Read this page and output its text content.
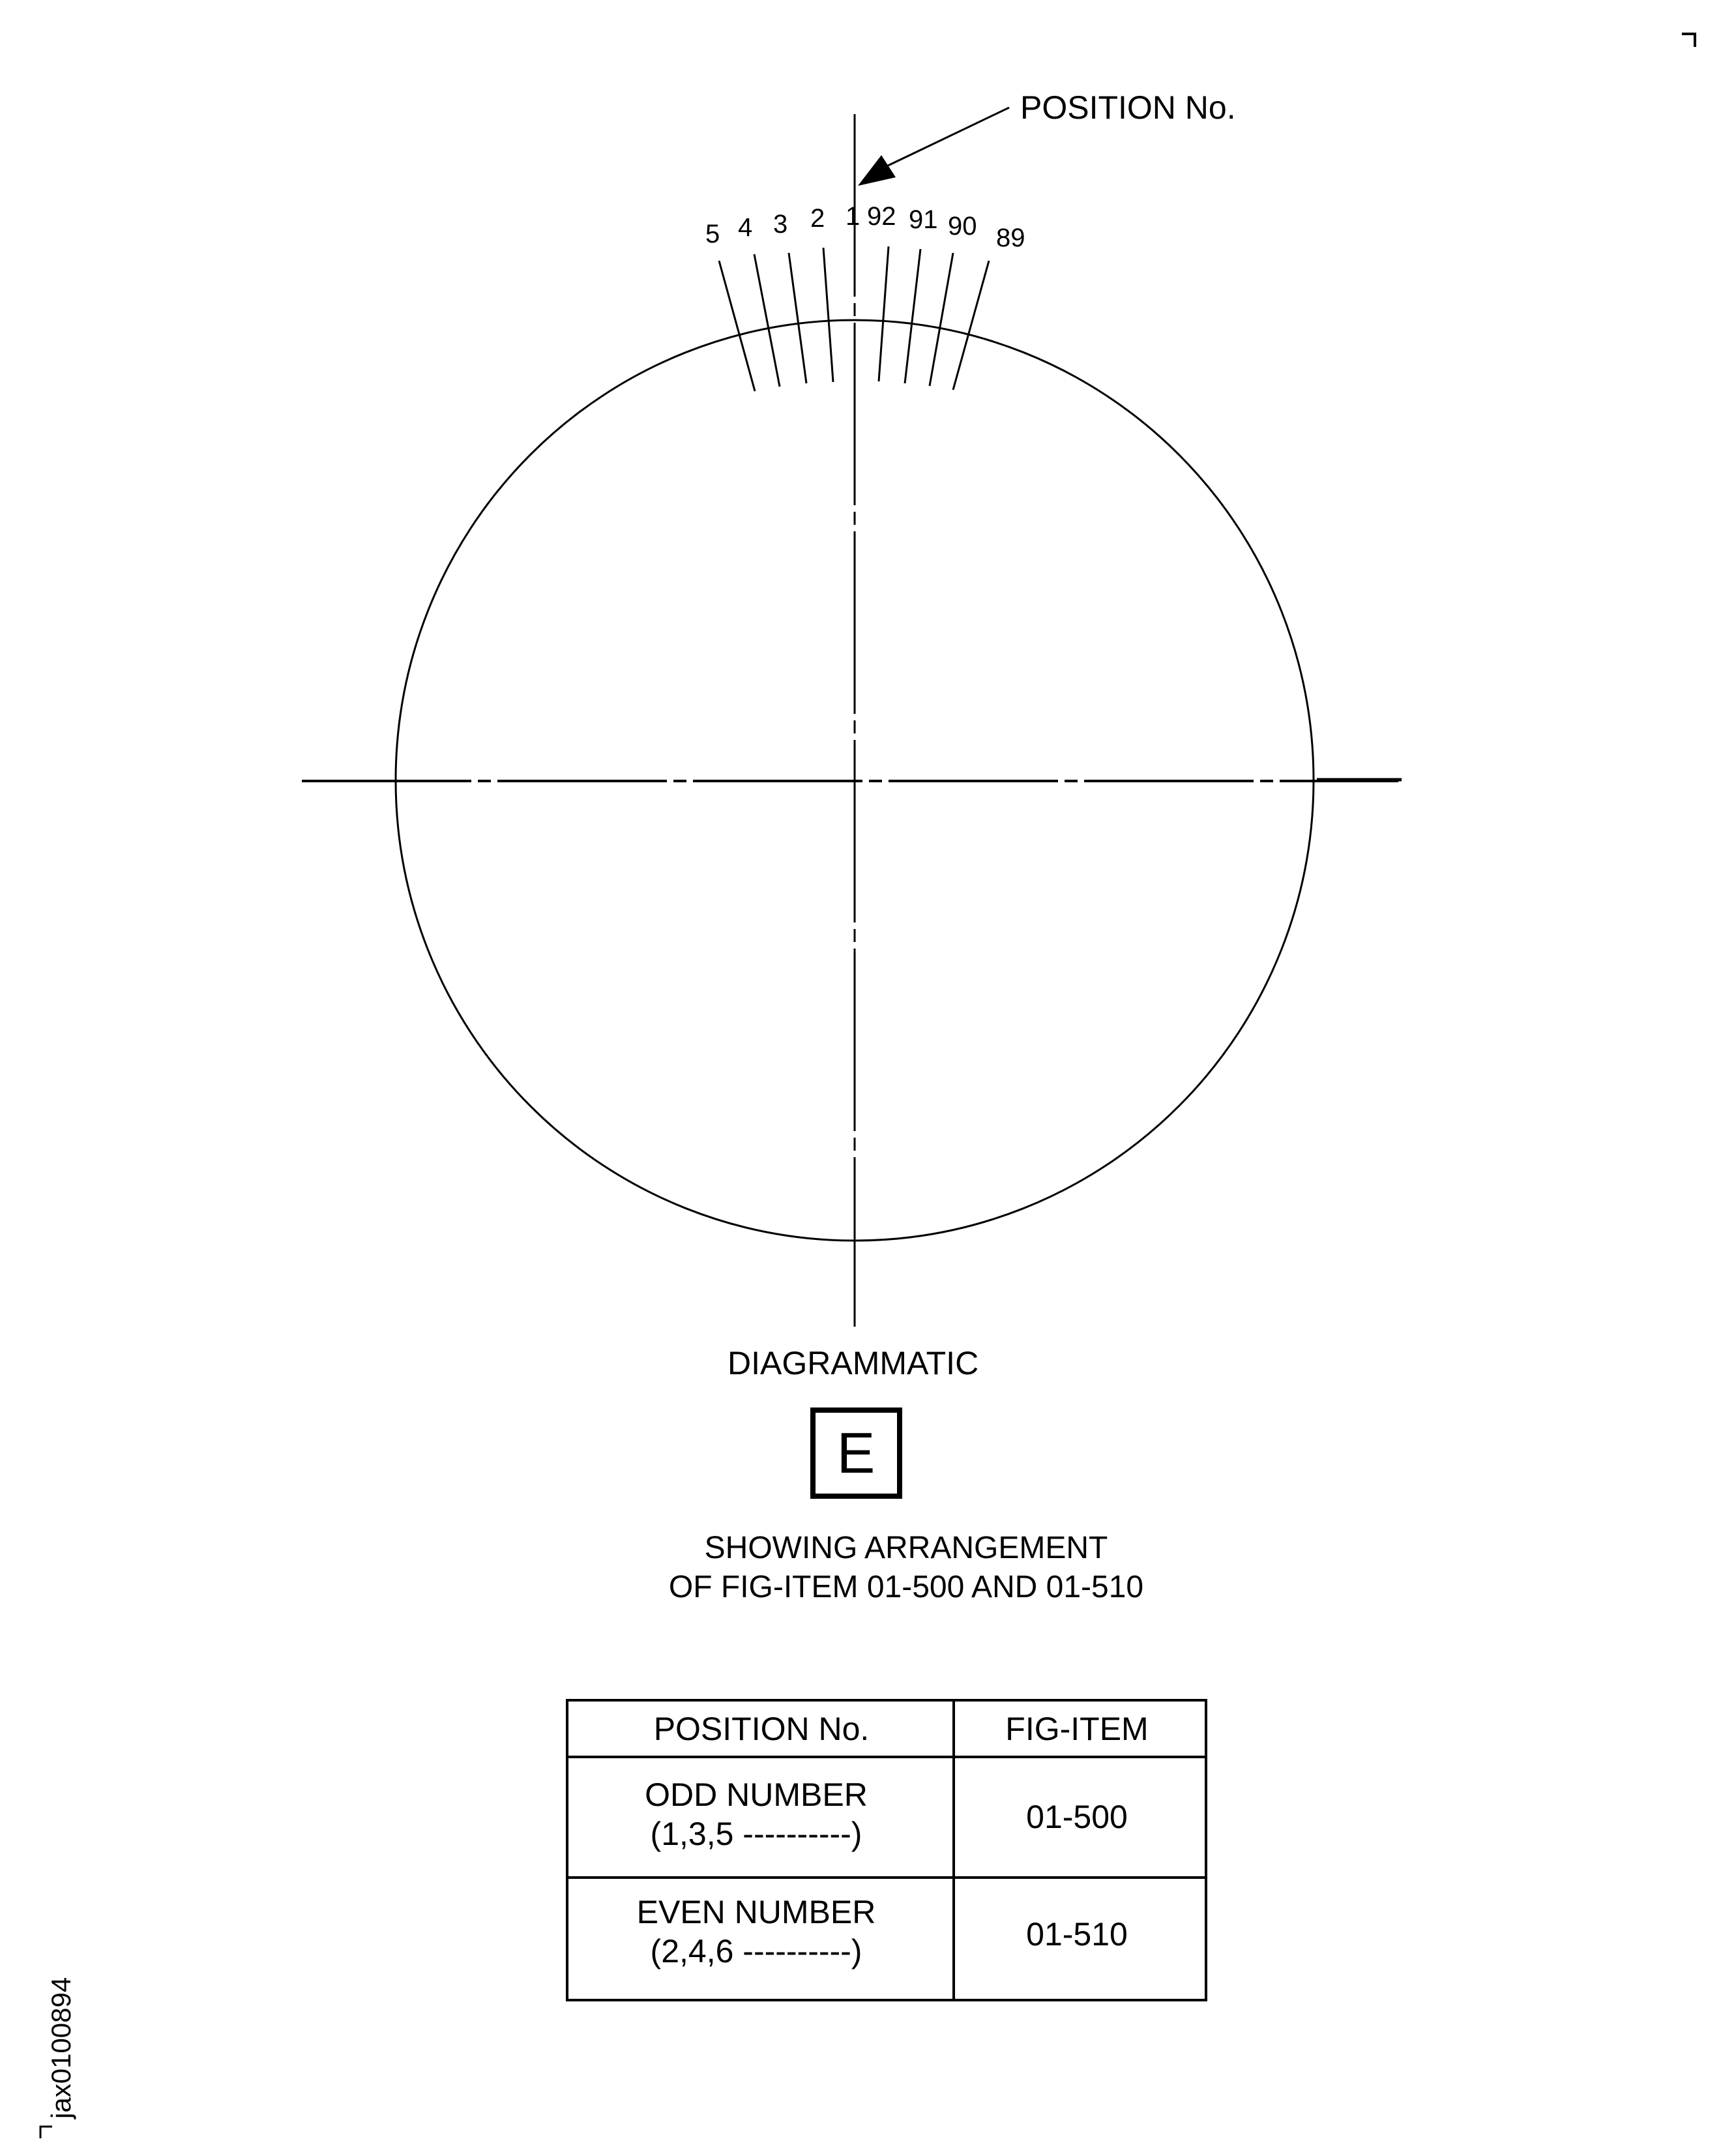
POSITION No.
5 4 3 2 1 92 91 90 89
DIAGRAMMATIC
E
SHOWING ARRANGEMENT
OF FIG-ITEM 01-500 AND 01-510
POSITION No.	FIG-ITEM
ODD NUMBER
(1,3,5 ----------)	01-500
EVEN NUMBER
(2,4,6 ----------)	01-510
jax0100894
